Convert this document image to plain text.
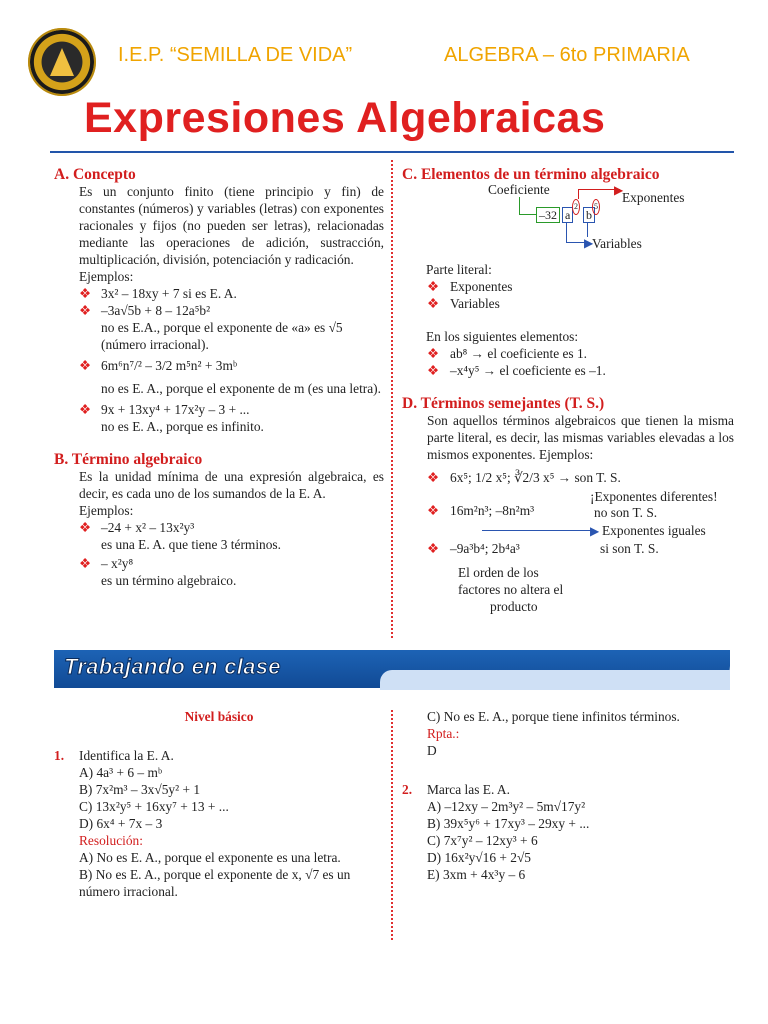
I.E.P. “SEMILLA DE VIDA”	ALGEBRA – 6to PRIMARIA
Expresiones Algebraicas

A. Concepto

Es un conjunto finito (tiene principio y fin) de constantes (números) y variables (letras) con exponentes racionales y fijos (no pueden ser letras), relacionadas mediante las operaciones de adición, sustracción, multiplicación, división, potenciación y radicación.

Ejemplos:

❖ 3x² – 18xy + 7 si es E. A.

❖ –3a√5b + 8 – 12a⁵b²

no es E.A., porque el exponente de «a» es √5

(número irracional).

❖ 6m⁶n⁷/² – 3/2 m⁵n² + 3mᵇ

no es E. A., porque el exponente de m (es una letra).

❖ 9x + 13xy⁴ + 17x²y – 3 + ...

no es E. A., porque es infinito.

B. Término algebraico

Es la unidad mínima de una expresión algebraica, es decir, es cada uno de los sumandos de la E. A.

Ejemplos:

❖ –24 + x² – 13x²y³

es una E. A. que tiene 3 términos.

❖ – x²y⁸

es un término algebraico.

C. Elementos de un término algebraico

Coeficiente
Exponentes
Variables
–32 a
2
b
5
▶
▶

Parte literal:

❖ Exponentes

❖ Variables

En los siguientes elementos:

❖ ab⁸ → el coeficiente es 1.

❖ –x⁴y⁵ → el coeficiente es –1.

D. Términos semejantes (T. S.)

Son aquellos términos algebraicos que tienen la misma parte literal, es decir, las mismas variables elevadas a los mismos exponentes. Ejemplos:

❖ 6x⁵; 1/2 x⁵; ∛2/3 x⁵ → son T. S.

¡Exponentes diferentes!

❖ 16m²n³; –8n²m³	no son T. S.
Exponentes iguales
▶

❖ –9a³b⁴; 2b⁴a³	si son T. S.

El orden de los

factores no altera el

producto

Trabajando en clase

Nivel básico

1. Identifica la E. A.

A) 4a³ + 6 – mᵇ

B) 7x²m³ – 3x√5y² + 1

C) 13x²y⁵ + 16xy⁷ + 13 + ...

D) 6x⁴ + 7x – 3

Resolución:

A) No es E. A., porque el exponente es una letra.

B) No es E. A., porque el exponente de x, √7 es un número irracional.

C) No es E. A., porque tiene infinitos términos.

Rpta.:

D

2. Marca las E. A.

A) –12xy – 2m³y² – 5m√17y²

B) 39x⁵y⁶ + 17xy³ – 29xy + ...

C) 7x⁷y² – 12xy³ + 6

D) 16x²y√16 + 2√5

E) 3xm + 4x³y – 6
